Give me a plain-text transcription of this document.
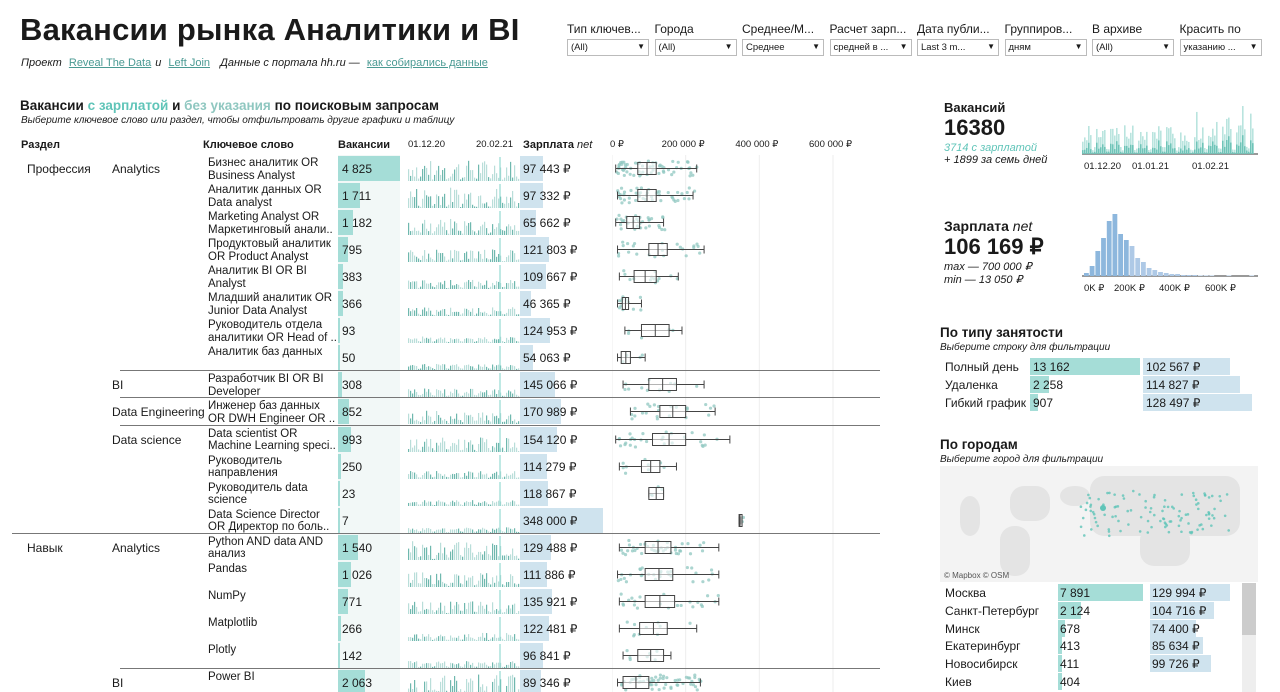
Вакансии рынка Аналитики и BI
Проект Reveal The Data и Left Join Данные с портала hh.ru — как собирались данные
Тип ключев...
(All)	▼
Города
(All)	▼
Среднее/М...
Среднее	▼
Расчет зарп...
средней в ... ▼
Дата публи...
Last 3 m...	▼
Группиров...
дням	▼
В архиве
(All)	▼
Красить по
указанию ... ▼
Вакансии с зарплатой и без указания по поисковым запросам
Выберите ключевое слово или раздел, чтобы отфильтровать другие графики и таблицу
Раздел	Ключевое слово	Вакансии 01.12.20	20.02.21 Зарплата net 0 ₽	200 000 ₽	400 000 ₽	600 000 ₽
Профессия Analytics	Бизнес аналитик OR Business Analyst	4 825	97 443 ₽
Аналитик данных OR Data analyst	1 711	97 332 ₽
Marketing Analyst OR Маркетинговый анали.. 1 182	65 662 ₽
Продуктовый аналитик OR Product Analyst	795	121 803 ₽
Аналитик BI OR BI Analyst	383	109 667 ₽
Младший аналитик OR Junior Data Analyst	366	46 365 ₽
Руководитель отдела аналитики OR Head of .. 93	124 953 ₽
Аналитик баз данных	50	54 063 ₽
BI	Разработчик BI OR BI Developer	308	145 066 ₽
Data Engineering Инженер баз данных OR DWH Engineer OR .. 852	170 989 ₽
Data science Data scientist OR Machine Learning speci.. 993	154 120 ₽
Руководитель направления	250	114 279 ₽
Руководитель data science	23	118 867 ₽
Data Science Director OR Директор по боль..	7	348 000 ₽
Навык	Analytics	Python AND data AND анализ	1 540	129 488 ₽
Pandas	1 026	111 886 ₽
NumPy	771	135 921 ₽
Matplotlib	266	122 481 ₽
Plotly	142	96 841 ₽
BI	Power BI	2 063	89 346 ₽
Вакансий
16380
3714 с зарплатой
+ 1899 за семь дней
01.12.20 01.01.21 01.02.21
Зарплата net
106 169 ₽
max — 700 000 ₽
min — 13 050 ₽
0K ₽ 200K ₽ 400K ₽ 600K ₽
По типу занятости
Выберите строку для фильтрации
Полный день 13 162	102 567 ₽
Удаленка	2 258	114 827 ₽
Гибкий график 907	128 497 ₽
По городам
Выберите город для фильтрации
© Mapbox © OSM
Москва	7 891	129 994 ₽
Санкт-Петербург 2 124	104 716 ₽
Минск	678	74 400 ₽
Екатеринбург	413	85 634 ₽
Новосибирск	411	99 726 ₽
Киев	404
